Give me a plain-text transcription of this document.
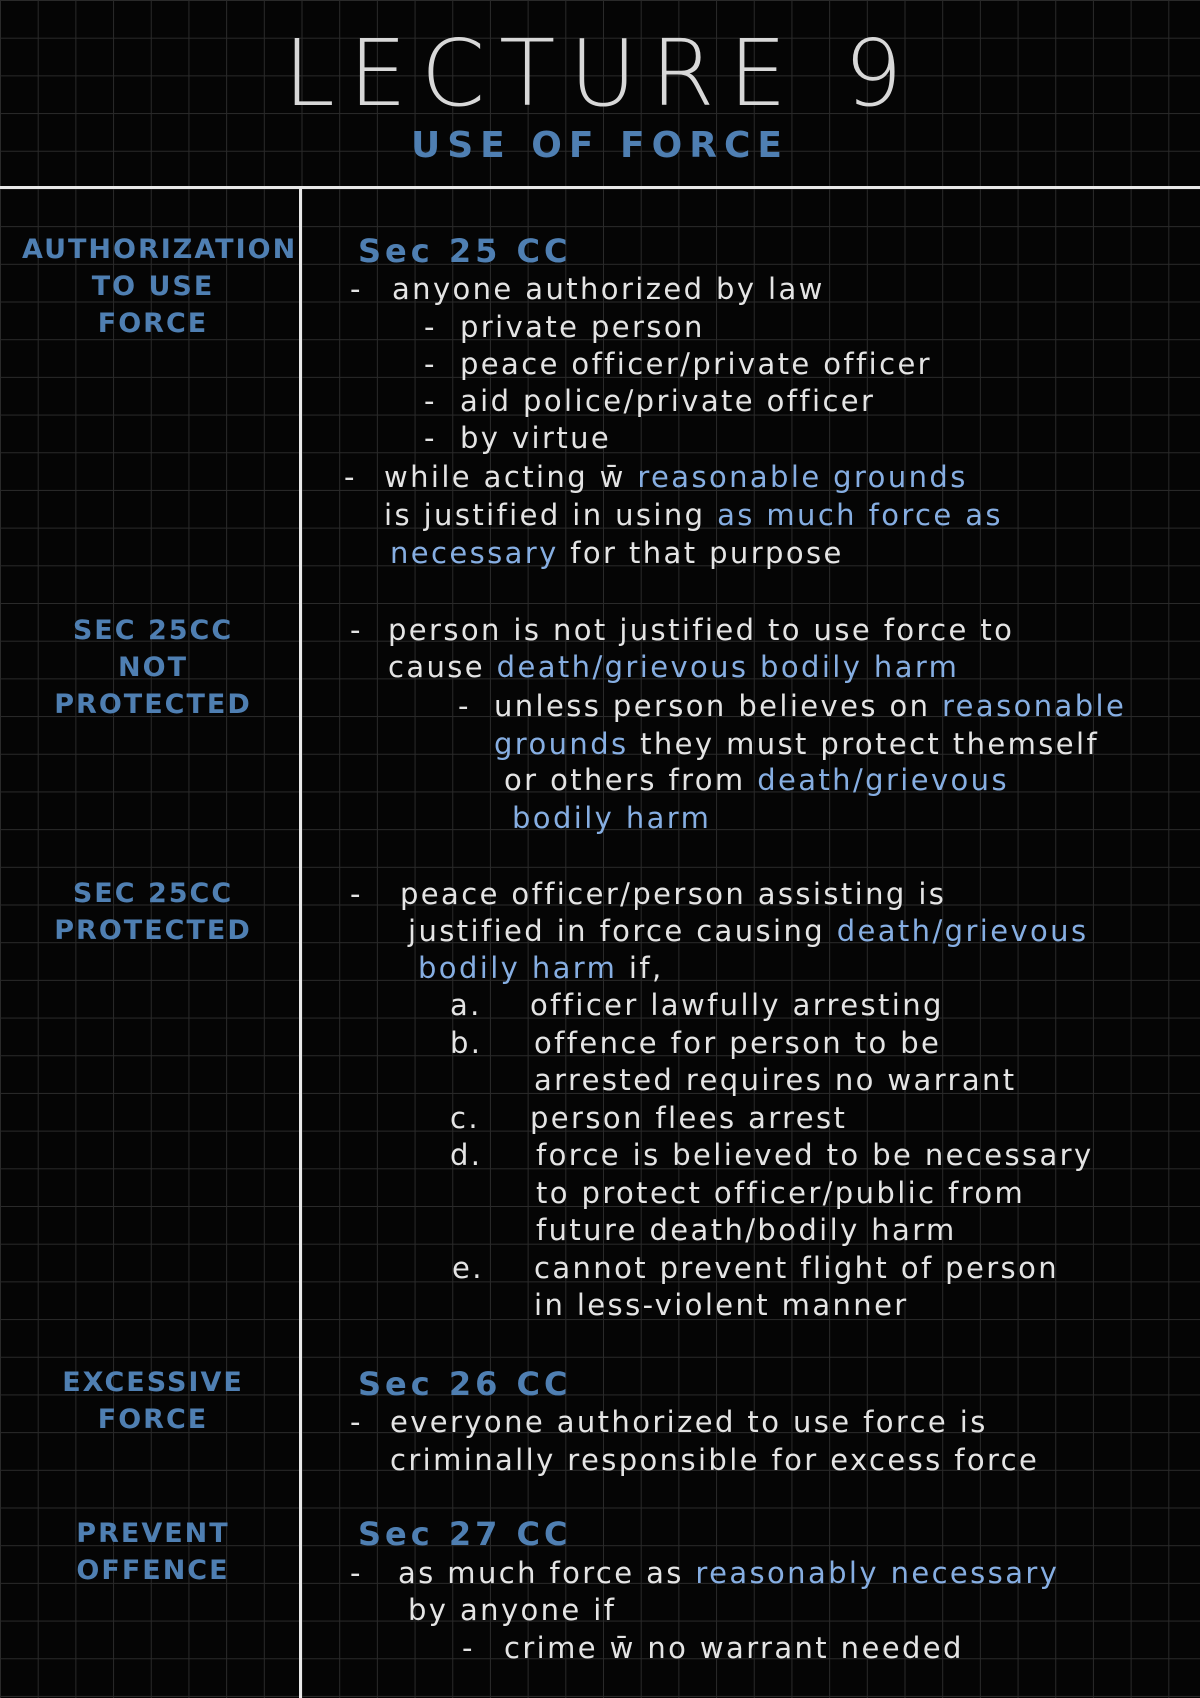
LECTURE 9
USE OF FORCE
AUTHORIZATION
TO USE
FORCE
Sec 25 CC
- anyone authorized by law
- private person
- peace officer/private officer
- aid police/private officer
- by virtue
- while acting w̄ reasonable grounds
is justified in using as much force as
necessary for that purpose
SEC 25CC
NOT PROTECTED
- person is not justified to use force to
cause death/grievous bodily harm
- unless person believes on reasonable
grounds they must protect themself
or others from death/grievous
bodily harm
SEC 25CC
PROTECTED
- peace officer/person assisting is
justified in force causing death/grievous
bodily harm if,
a. officer lawfully arresting
b. offence for person to be
arrested requires no warrant
c. person flees arrest
d. force is believed to be necessary
to protect officer/public from
future death/bodily harm
e. cannot prevent flight of person
in less-violent manner
EXCESSIVE
FORCE
Sec 26 CC
- everyone authorized to use force is
criminally responsible for excess force
PREVENT
OFFENCE
Sec 27 CC
- as much force as reasonably necessary
by anyone if
- crime w̄ no warrant needed
